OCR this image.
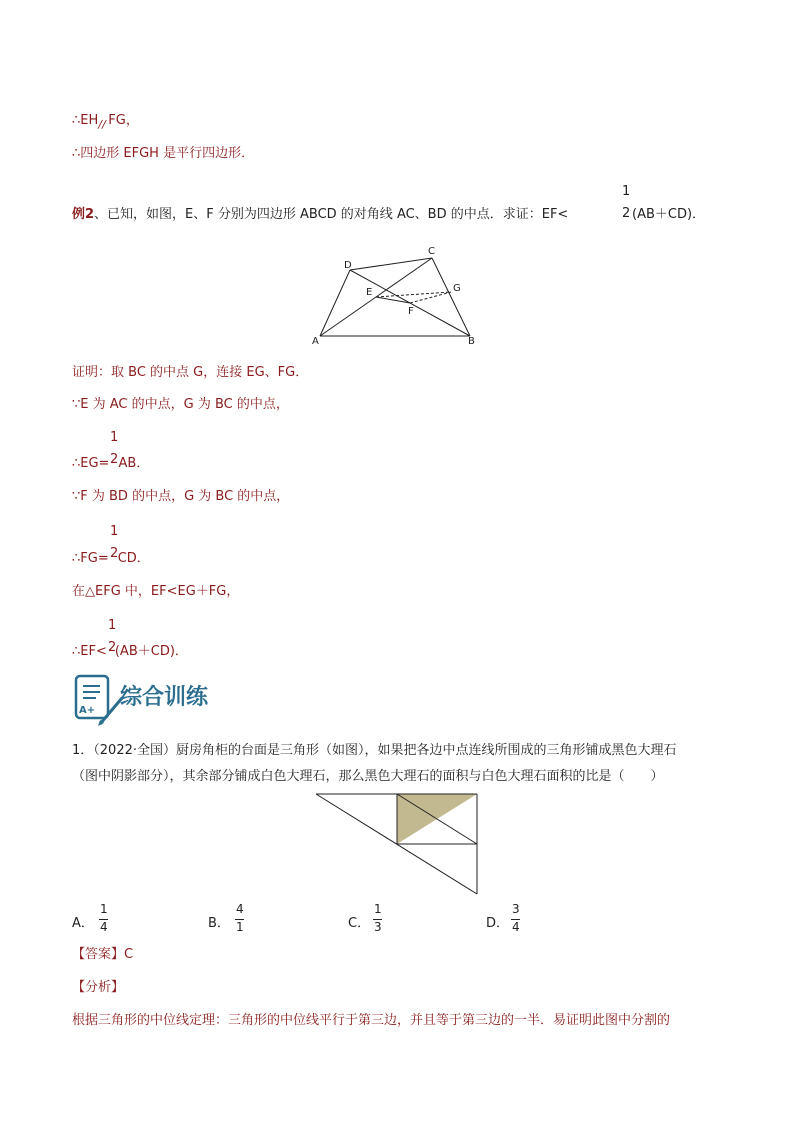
∴EH // FG，
∴四边形 EFGH 是平行四边形．
例2、已知，如图，E、F 分别为四边形 ABCD 的对角线 AC、BD 的中点．求证：EF<
1
2 (AB＋CD)．
D
C
E	G
F
A	B
证明：取 BC 的中点 G，连接 EG、FG．
∵E 为 AC 的中点，G 为 BC 的中点，
1
2
∴EG= AB．
∵F 为 BD 的中点，G 为 BC 的中点，
1
2
∴FG= CD．
在△EFG 中，EF<EG＋FG，
1
2
∴EF< (AB＋CD)．
A+
综合训练
1．（2022·全国）厨房角柜的台面是三角形（如图），如果把各边中点连线所围成的三角形铺成黑色大理石
（图中阴影部分），其余部分铺成白色大理石，那么黑色大理石的面积与白色大理石面积的比是（　　）
A．
1
4	B．
4
1	C．
1
3	D．
3
4
【答案】C
【分析】
根据三角形的中位线定理：三角形的中位线平行于第三边，并且等于第三边的一半．易证明此图中分割的
